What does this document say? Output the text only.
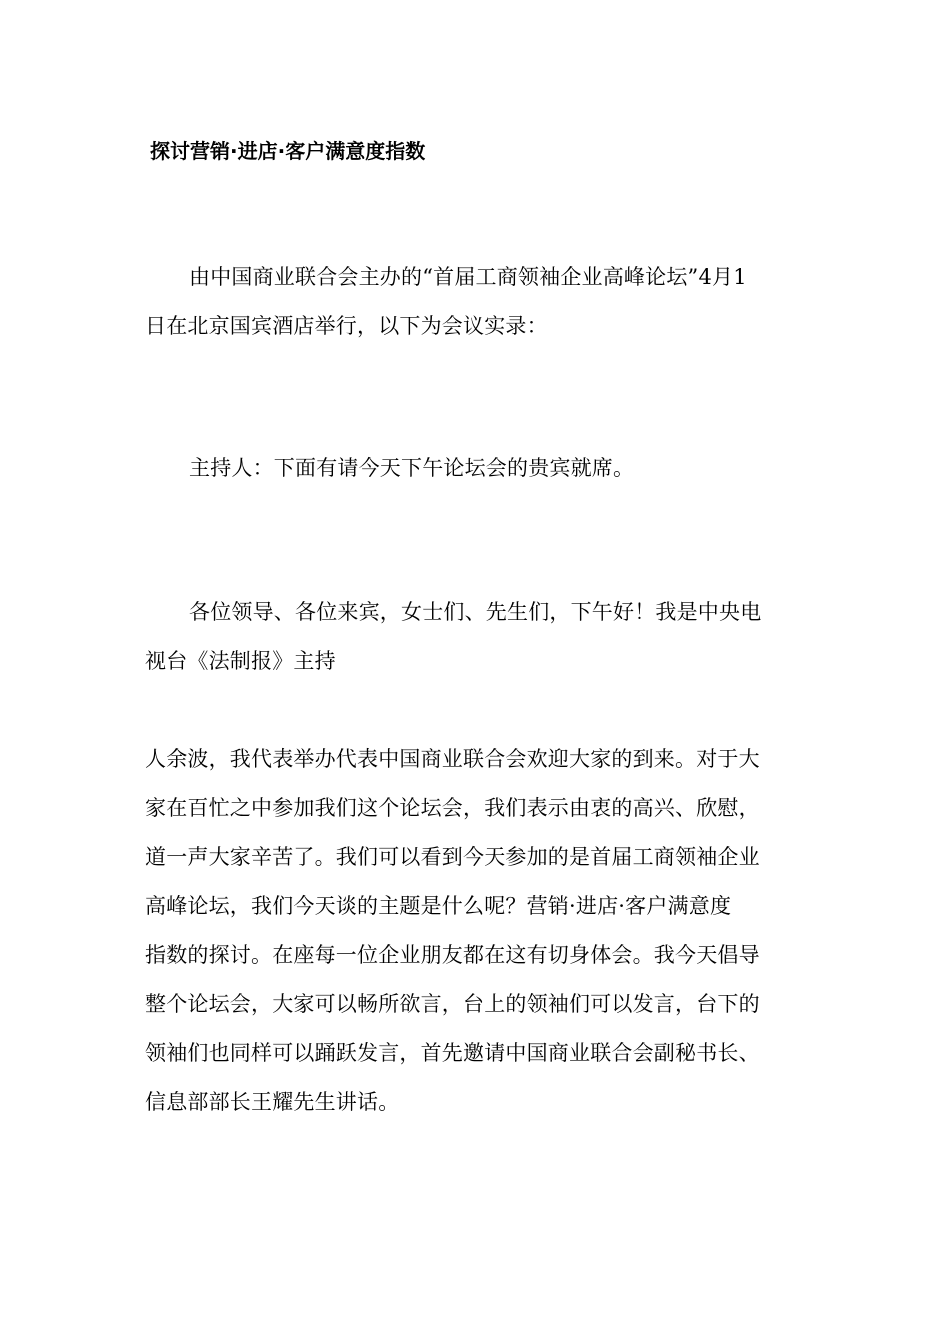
探讨营销·进店·客户满意度指数
由中国商业联合会主办的“首届工商领袖企业高峰论坛”4月1
日在北京国宾酒店举行，以下为会议实录：
主持人：下面有请今天下午论坛会的贵宾就席。
各位领导、各位来宾，女士们、先生们，下午好！我是中央电
视台《法制报》主持
人余波，我代表举办代表中国商业联合会欢迎大家的到来。对于大
家在百忙之中参加我们这个论坛会，我们表示由衷的高兴、欣慰，
道一声大家辛苦了。我们可以看到今天参加的是首届工商领袖企业
高峰论坛，我们今天谈的主题是什么呢？营销·进店·客户满意度
指数的探讨。在座每一位企业朋友都在这有切身体会。我今天倡导
整个论坛会，大家可以畅所欲言，台上的领袖们可以发言，台下的
领袖们也同样可以踊跃发言，首先邀请中国商业联合会副秘书长、
信息部部长王耀先生讲话。
